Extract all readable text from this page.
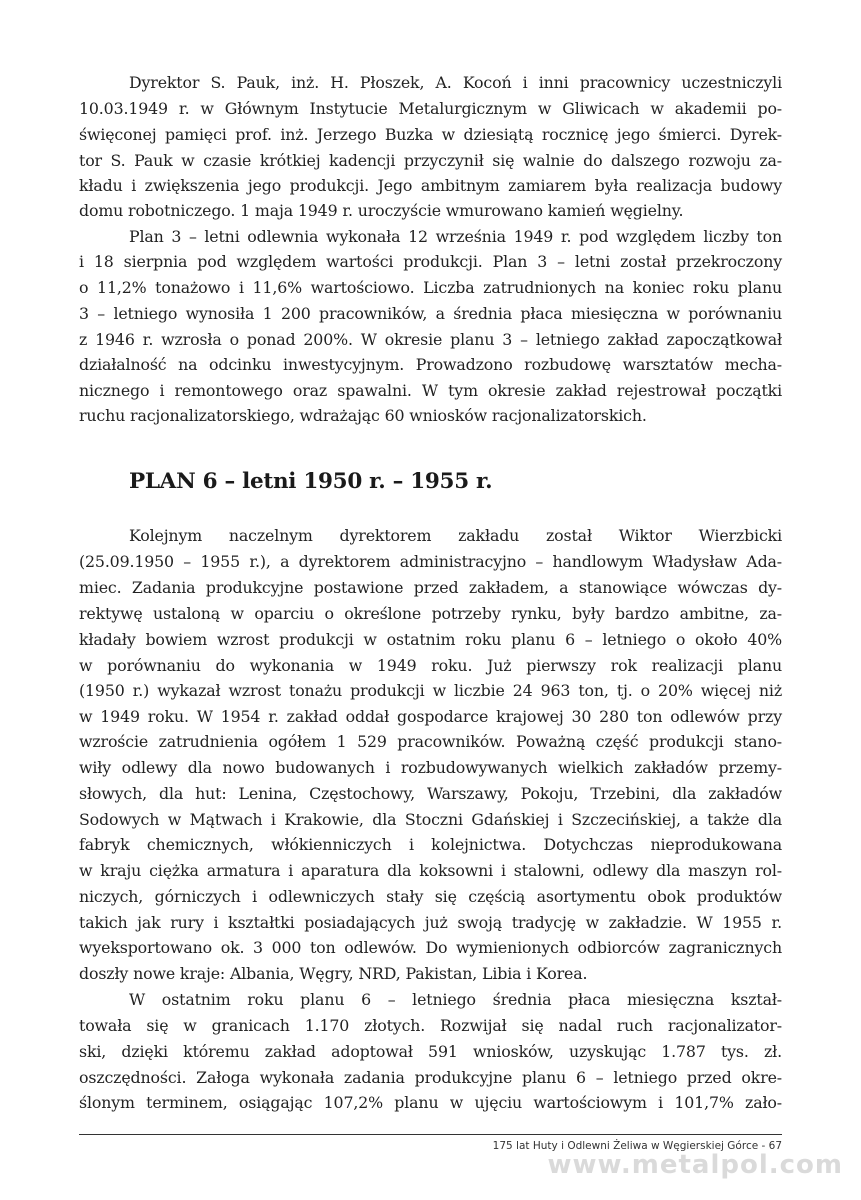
Dyrektor S. Pauk, inż. H. Płoszek, A. Kocoń i inni pracownicy uczestniczyli
10.03.1949 r. w Głównym Instytucie Metalurgicznym w Gliwicach w akademii po-
święconej pamięci prof. inż. Jerzego Buzka w dziesiątą rocznicę jego śmierci. Dyrek-
tor S. Pauk w czasie krótkiej kadencji przyczynił się walnie do dalszego rozwoju za-
kładu i zwiększenia jego produkcji. Jego ambitnym zamiarem była realizacja budowy
domu robotniczego. 1 maja 1949 r. uroczyście wmurowano kamień węgielny.
Plan 3 – letni odlewnia wykonała 12 września 1949 r. pod względem liczby ton
i 18 sierpnia pod względem wartości produkcji. Plan 3 – letni został przekroczony
o 11,2% tonażowo i 11,6% wartościowo. Liczba zatrudnionych na koniec roku planu
3 – letniego wynosiła 1 200 pracowników, a średnia płaca miesięczna w porównaniu
z 1946 r. wzrosła o ponad 200%. W okresie planu 3 – letniego zakład zapoczątkował
działalność na odcinku inwestycyjnym. Prowadzono rozbudowę warsztatów mecha-
nicznego i remontowego oraz spawalni. W tym okresie zakład rejestrował początki
ruchu racjonalizatorskiego, wdrażając 60 wniosków racjonalizatorskich.
PLAN 6 – letni 1950 r. – 1955 r.
Kolejnym naczelnym dyrektorem zakładu został Wiktor Wierzbicki
(25.09.1950 – 1955 r.), a dyrektorem administracyjno – handlowym Władysław Ada-
miec. Zadania produkcyjne postawione przed zakładem, a stanowiące wówczas dy-
rektywę ustaloną w oparciu o określone potrzeby rynku, były bardzo ambitne, za-
kładały bowiem wzrost produkcji w ostatnim roku planu 6 – letniego o około 40%
w porównaniu do wykonania w 1949 roku. Już pierwszy rok realizacji planu
(1950 r.) wykazał wzrost tonażu produkcji w liczbie 24 963 ton, tj. o 20% więcej niż
w 1949 roku. W 1954 r. zakład oddał gospodarce krajowej 30 280 ton odlewów przy
wzroście zatrudnienia ogółem 1 529 pracowników. Poważną część produkcji stano-
wiły odlewy dla nowo budowanych i rozbudowywanych wielkich zakładów przemy-
słowych, dla hut: Lenina, Częstochowy, Warszawy, Pokoju, Trzebini, dla zakładów
Sodowych w Mątwach i Krakowie, dla Stoczni Gdańskiej i Szczecińskiej, a także dla
fabryk chemicznych, włókienniczych i kolejnictwa. Dotychczas nieprodukowana
w kraju ciężka armatura i aparatura dla koksowni i stalowni, odlewy dla maszyn rol-
niczych, górniczych i odlewniczych stały się częścią asortymentu obok produktów
takich jak rury i kształtki posiadających już swoją tradycję w zakładzie. W 1955 r.
wyeksportowano ok. 3 000 ton odlewów. Do wymienionych odbiorców zagranicznych
doszły nowe kraje: Albania, Węgry, NRD, Pakistan, Libia i Korea.
W ostatnim roku planu 6 – letniego średnia płaca miesięczna kształ-
towała się w granicach 1.170 złotych. Rozwijał się nadal ruch racjonalizator-
ski, dzięki któremu zakład adoptował 591 wniosków, uzyskując 1.787 tys. zł.
oszczędności. Załoga wykonała zadania produkcyjne planu 6 – letniego przed okre-
ślonym terminem, osiągając 107,2% planu w ujęciu wartościowym i 101,7% zało-
175 lat Huty i Odlewni Żeliwa w Węgierskiej Górce - 67
www.metalpol.com
